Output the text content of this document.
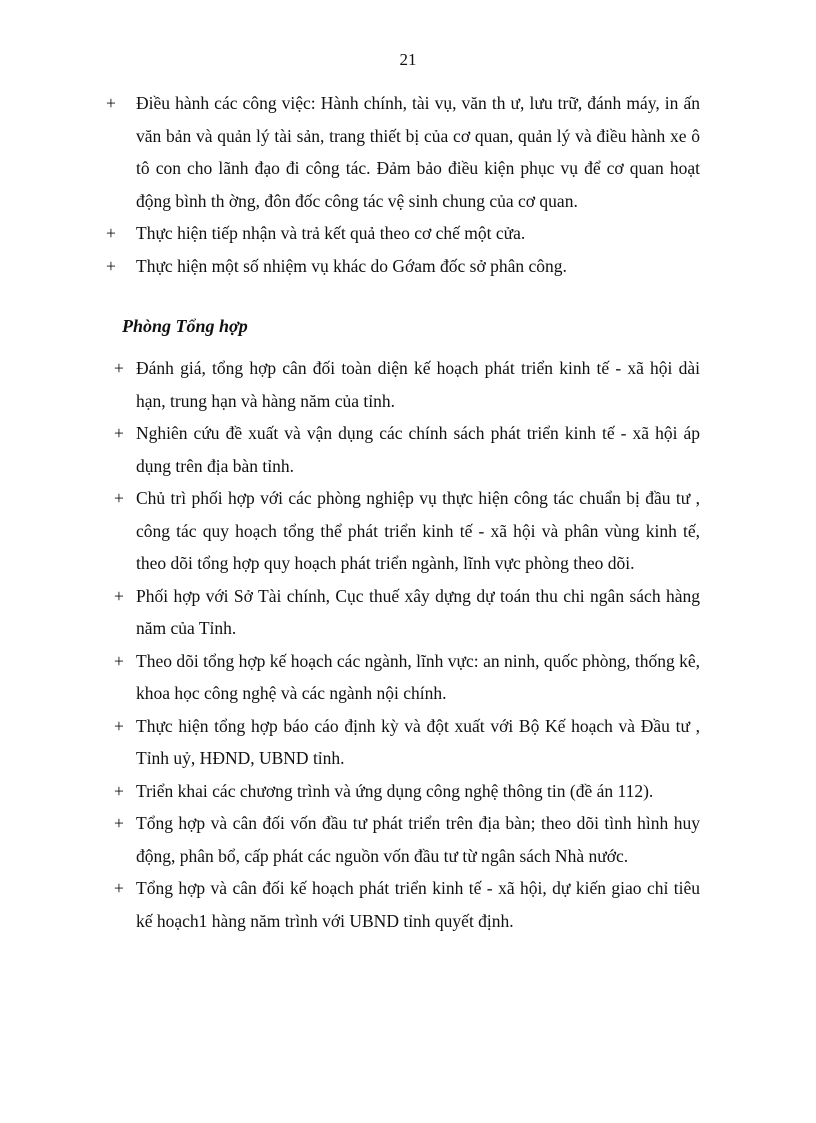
21
+ Điều hành các công việc: Hành chính, tài vụ, văn th ư, lưu trữ, đánh máy, in ấn văn bản và quản lý tài sản, trang thiết bị của cơ quan, quản lý và điều hành xe ô tô con cho lãnh đạo đi công tác. Đảm bảo điều kiện phục vụ để cơ quan hoạt động bình th ờng, đôn đốc công tác vệ sinh chung của cơ quan.
+ Thực hiện tiếp nhận và trả kết quả theo cơ chế một cửa.
+ Thực hiện một số nhiệm vụ khác do Gớam đốc sở phân công.
Phòng Tổng hợp
+ Đánh giá, tổng hợp cân đối toàn diện kế hoạch phát triển kinh tế - xã hội dài hạn, trung hạn và hàng năm của tỉnh.
+ Nghiên cứu đề xuất và vận dụng các chính sách phát triển kinh tế - xã hội áp dụng trên địa bàn tỉnh.
+ Chủ trì phối hợp với các phòng nghiệp vụ thực hiện công tác chuẩn bị đầu tư , công tác quy hoạch tổng thể phát triển kinh tế - xã hội và phân vùng kinh tế, theo dõi tổng hợp quy hoạch phát triển ngành, lĩnh vực phòng theo dõi.
+ Phối hợp với Sở Tài chính, Cục thuế xây dựng dự toán thu chi ngân sách hàng năm của Tỉnh.
+ Theo dõi tổng hợp kế hoạch các ngành, lĩnh vực: an ninh, quốc phòng, thống kê, khoa học công nghệ và các ngành nội chính.
+ Thực hiện tổng hợp báo cáo định kỳ và đột xuất với Bộ Kế hoạch và Đầu tư , Tỉnh uỷ, HĐND, UBND tỉnh.
+ Triển khai các chương trình và ứng dụng công nghệ thông tin (đề án 112).
+ Tổng hợp và cân đối vốn đầu tư phát triển trên địa bàn; theo dõi tình hình huy động, phân bổ, cấp phát các nguồn vốn đầu tư từ ngân sách Nhà nước.
+ Tổng hợp và cân đối kế hoạch phát triển kinh tế - xã hội, dự kiến giao chỉ tiêu kế hoạch1 hàng năm trình với UBND tỉnh quyết định.
